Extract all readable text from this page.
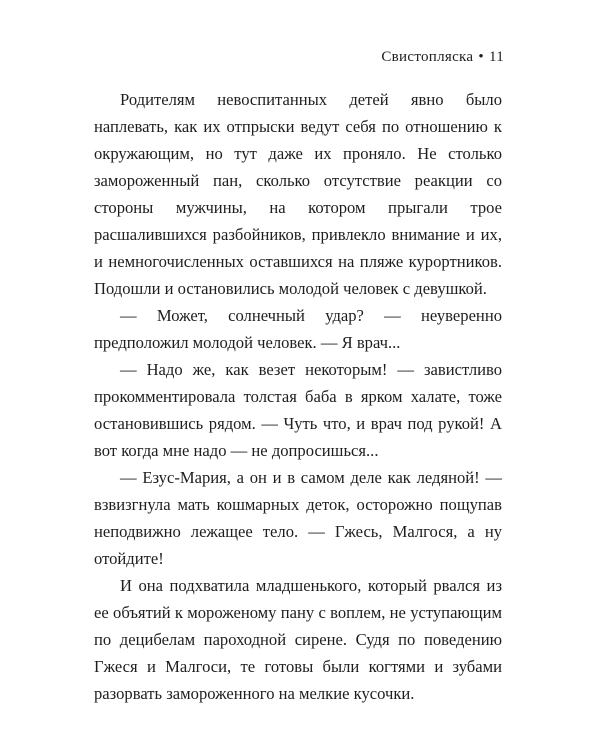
Свистопляска • 11

Родителям невоспитанных детей явно было наплевать, как их отпрыски ведут себя по отношению к окружающим, но тут даже их проняло. Не столько замороженный пан, сколько отсутствие реакции со стороны мужчины, на котором прыгали трое расшалившихся разбойников, привлекло внимание и их, и немногочисленных оставшихся на пляже курортников. Подошли и остановились молодой человек с девушкой.

— Может, солнечный удар? — неуверенно предположил молодой человек. — Я врач...

— Надо же, как везет некоторым! — завистливо прокомментировала толстая баба в ярком халате, тоже остановившись рядом. — Чуть что, и врач под рукой! А вот когда мне надо — не допросишься...

— Езус-Мария, а он и в самом деле как ледяной! — взвизгнула мать кошмарных деток, осторожно пощупав неподвижно лежащее тело. — Гжесь, Малгося, а ну отойдите!

И она подхватила младшенького, который рвался из ее объятий к мороженому пану с воплем, не уступающим по децибелам пароходной сирене. Судя по поведению Гжеся и Малгоси, те готовы были когтями и зубами разорвать замороженного на мелкие кусочки.
